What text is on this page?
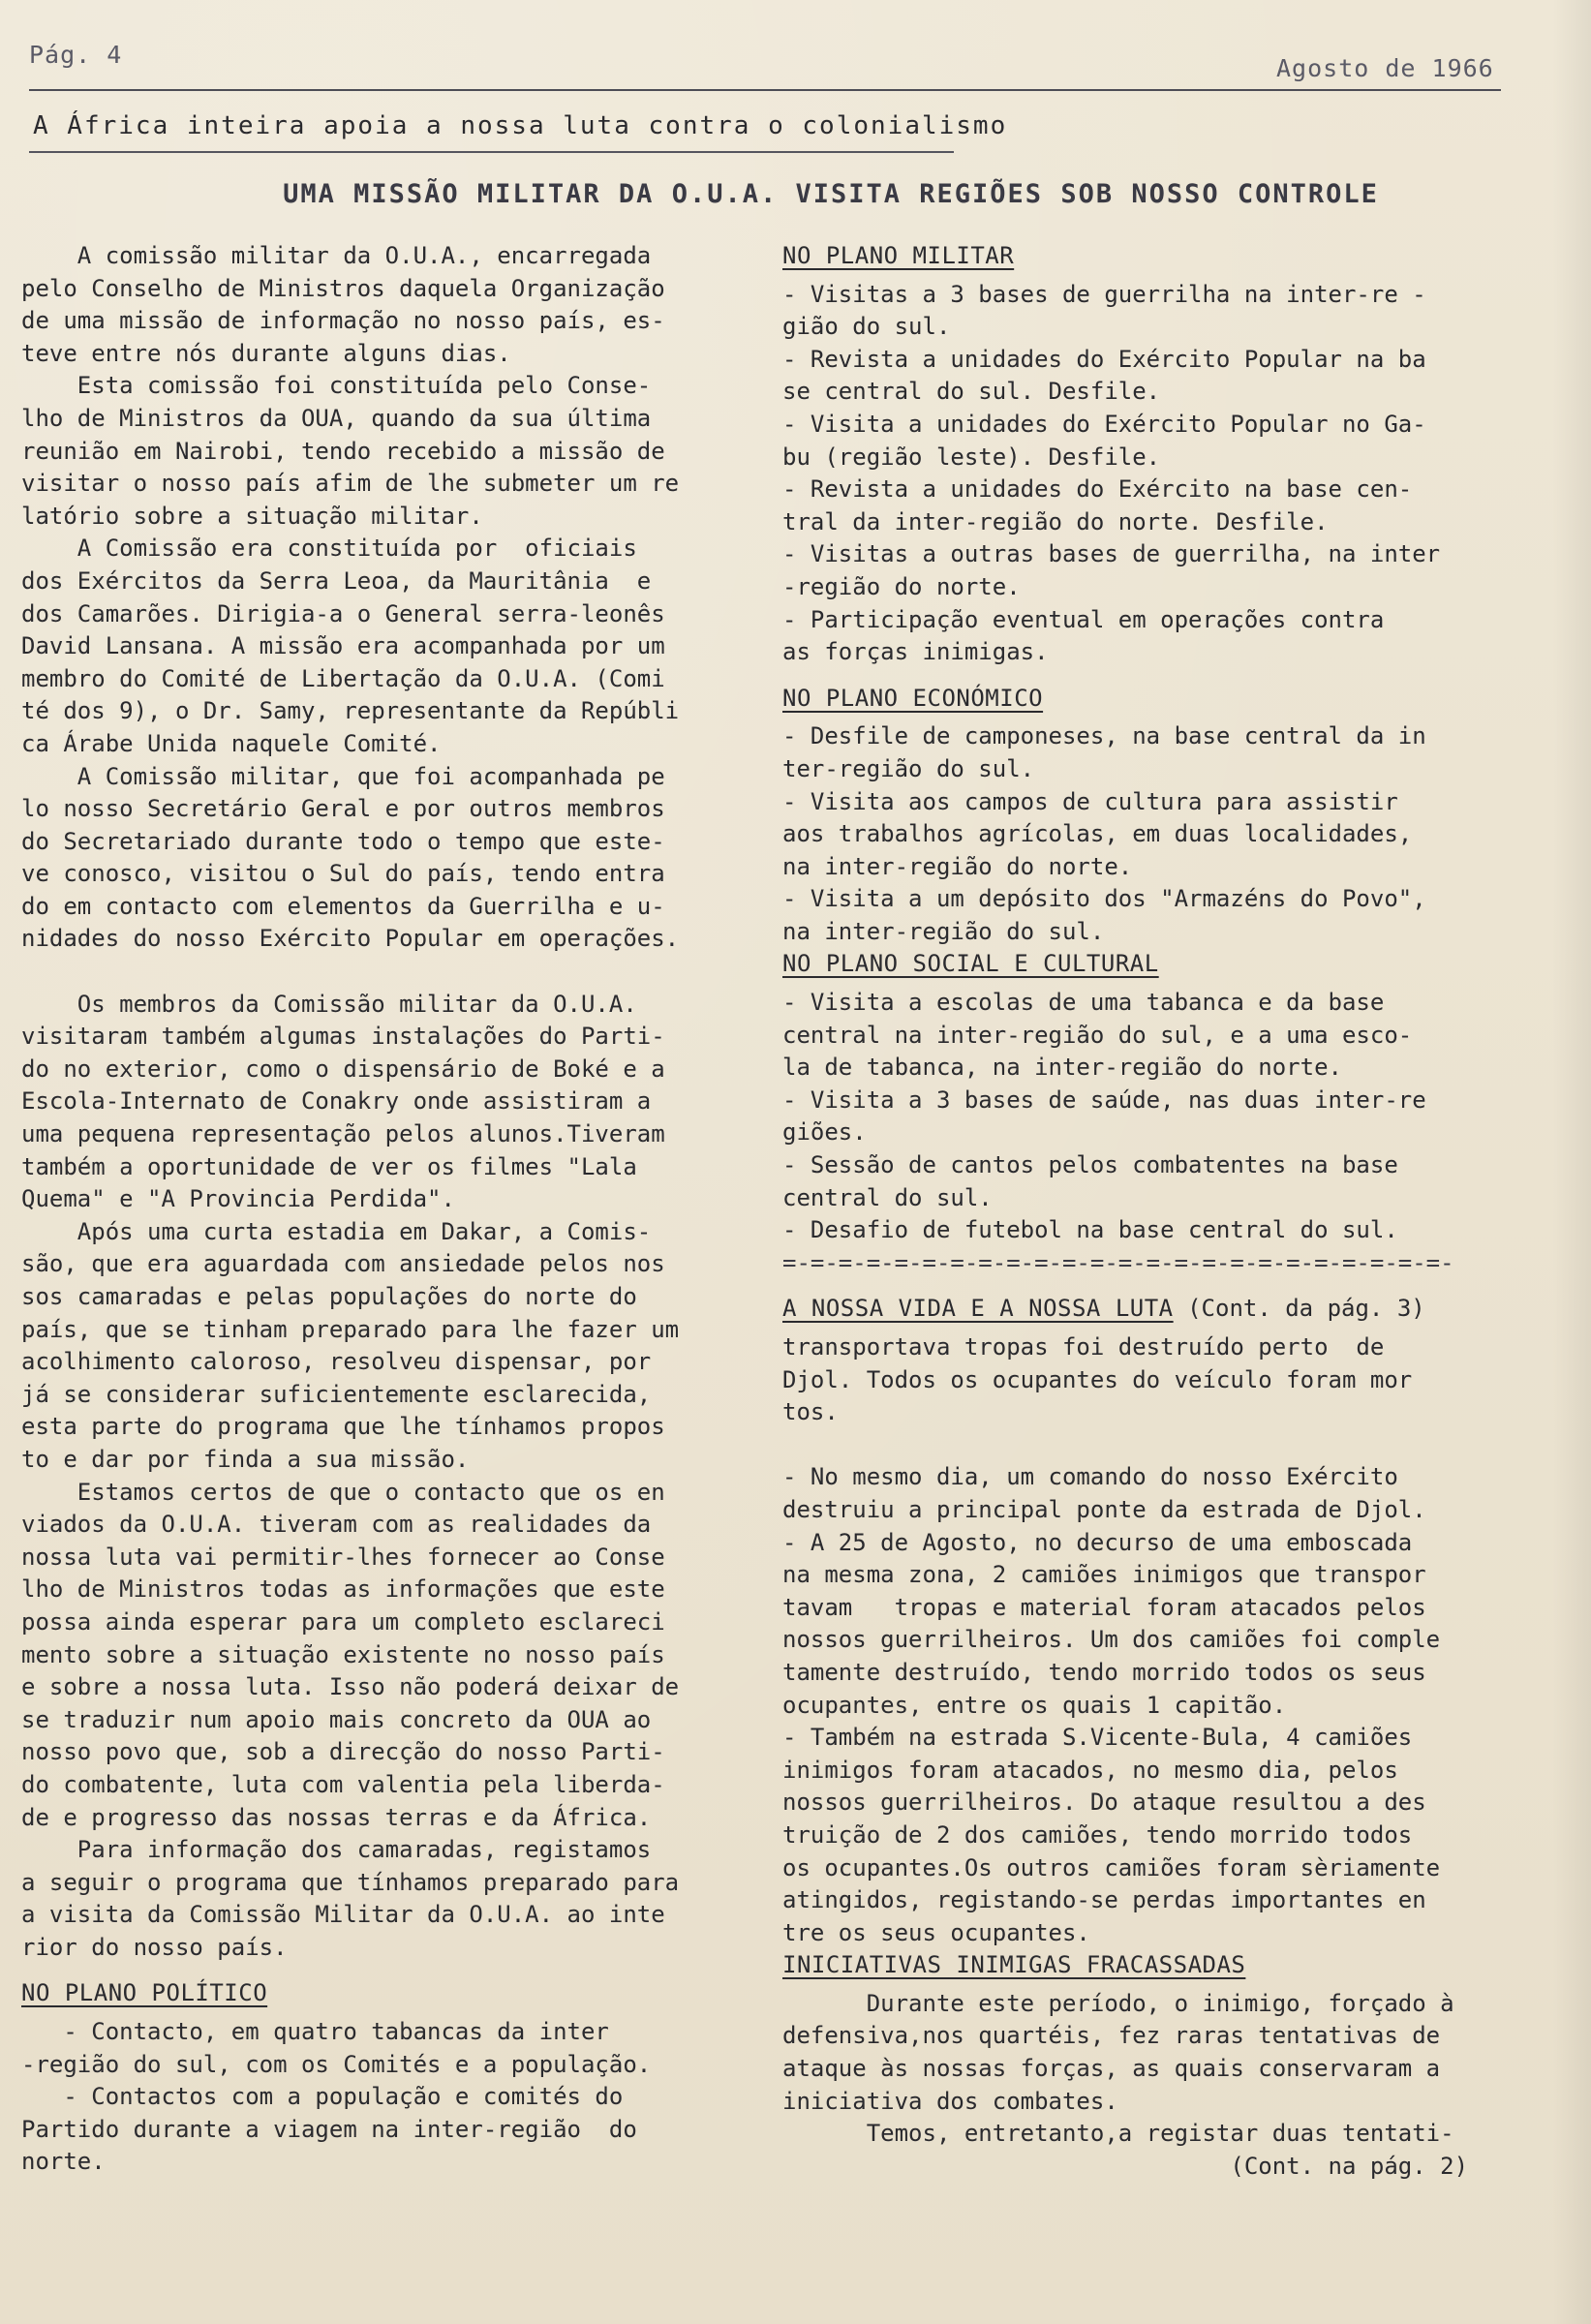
Pág. 4	Agosto de 1966
A África inteira apoia a nossa luta contra o colonialismo
UMA MISSÃO MILITAR DA O.U.A. VISITA REGIÕES SOB NOSSO CONTROLE
A comissão militar da O.U.A., encarregada
pelo Conselho de Ministros daquela Organização
de uma missão de informação no nosso país, es-
teve entre nós durante alguns dias.
Esta comissão foi constituída pelo Conse-
lho de Ministros da OUA, quando da sua última
reunião em Nairobi, tendo recebido a missão de
visitar o nosso país afim de lhe submeter um re
latório sobre a situação militar.
A Comissão era constituída por  oficiais
dos Exércitos da Serra Leoa, da Mauritânia  e
dos Camarões. Dirigia-a o General serra-leonês
David Lansana. A missão era acompanhada por um
membro do Comité de Libertação da O.U.A. (Comi
té dos 9), o Dr. Samy, representante da Repúbli
ca Árabe Unida naquele Comité.
A Comissão militar, que foi acompanhada pe
lo nosso Secretário Geral e por outros membros
do Secretariado durante todo o tempo que este-
ve conosco, visitou o Sul do país, tendo entra
do em contacto com elementos da Guerrilha e u-
nidades do nosso Exército Popular em operações.
Os membros da Comissão militar da O.U.A.
visitaram também algumas instalações do Parti-
do no exterior, como o dispensário de Boké e a
Escola-Internato de Conakry onde assistiram a
uma pequena representação pelos alunos.Tiveram
também a oportunidade de ver os filmes "Lala
Quema" e "A Provincia Perdida".
Após uma curta estadia em Dakar, a Comis-
são, que era aguardada com ansiedade pelos nos
sos camaradas e pelas populações do norte do
país, que se tinham preparado para lhe fazer um
acolhimento caloroso, resolveu dispensar, por
já se considerar suficientemente esclarecida,
esta parte do programa que lhe tínhamos propos
to e dar por finda a sua missão.
Estamos certos de que o contacto que os en
viados da O.U.A. tiveram com as realidades da
nossa luta vai permitir-lhes fornecer ao Conse
lho de Ministros todas as informações que este
possa ainda esperar para um completo esclareci
mento sobre a situação existente no nosso país
e sobre a nossa luta. Isso não poderá deixar de
se traduzir num apoio mais concreto da OUA ao
nosso povo que, sob a direcção do nosso Parti-
do combatente, luta com valentia pela liberda-
de e progresso das nossas terras e da África.
Para informação dos camaradas, registamos
a seguir o programa que tínhamos preparado para
a visita da Comissão Militar da O.U.A. ao inte
rior do nosso país.
NO PLANO POLÍTICO
- Contacto, em quatro tabancas da inter
-região do sul, com os Comités e a população.
- Contactos com a população e comités do
Partido durante a viagem na inter-região  do
norte.
NO PLANO MILITAR
- Visitas a 3 bases de guerrilha na inter-re -
gião do sul.
- Revista a unidades do Exército Popular na ba
se central do sul. Desfile.
- Visita a unidades do Exército Popular no Ga-
bu (região leste). Desfile.
- Revista a unidades do Exército na base cen-
tral da inter-região do norte. Desfile.
- Visitas a outras bases de guerrilha, na inter
-região do norte.
- Participação eventual em operações contra
as forças inimigas.
NO PLANO ECONÓMICO
- Desfile de camponeses, na base central da in
ter-região do sul.
- Visita aos campos de cultura para assistir
aos trabalhos agrícolas, em duas localidades,
na inter-região do norte.
- Visita a um depósito dos "Armazéns do Povo",
na inter-região do sul.
NO PLANO SOCIAL E CULTURAL
- Visita a escolas de uma tabanca e da base
central na inter-região do sul, e a uma esco-
la de tabanca, na inter-região do norte.
- Visita a 3 bases de saúde, nas duas inter-re
giões.
- Sessão de cantos pelos combatentes na base
central do sul.
- Desafio de futebol na base central do sul.
=-=-=-=-=-=-=-=-=-=-=-=-=-=-=-=-=-=-=-=-=-=-=-=-
A NOSSA VIDA E A NOSSA LUTA (Cont. da pág. 3)
transportava tropas foi destruído perto  de
Djol. Todos os ocupantes do veículo foram mor
tos.
- No mesmo dia, um comando do nosso Exército
destruiu a principal ponte da estrada de Djol.
- A 25 de Agosto, no decurso de uma emboscada
na mesma zona, 2 camiões inimigos que transpor
tavam   tropas e material foram atacados pelos
nossos guerrilheiros. Um dos camiões foi comple
tamente destruído, tendo morrido todos os seus
ocupantes, entre os quais 1 capitão.
- Também na estrada S.Vicente-Bula, 4 camiões
inimigos foram atacados, no mesmo dia, pelos
nossos guerrilheiros. Do ataque resultou a des
truição de 2 dos camiões, tendo morrido todos
os ocupantes.Os outros camiões foram sèriamente
atingidos, registando-se perdas importantes en
tre os seus ocupantes.
INICIATIVAS INIMIGAS FRACASSADAS
Durante este período, o inimigo, forçado à
defensiva,nos quartéis, fez raras tentativas de
ataque às nossas forças, as quais conservaram a
iniciativa dos combates.
Temos, entretanto,a registar duas tentati-
(Cont. na pág. 2)
